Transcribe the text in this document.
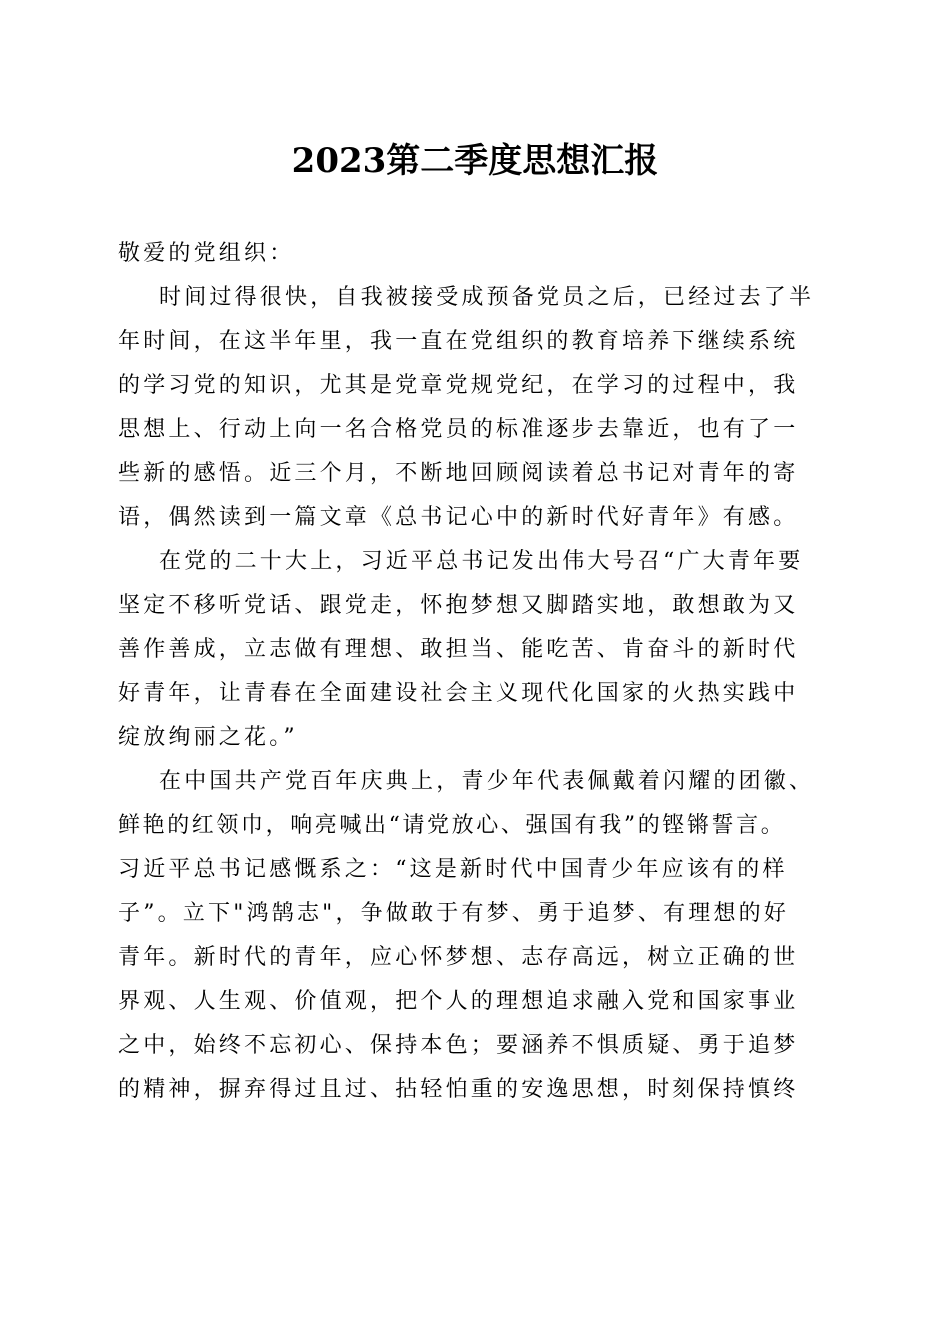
2023第二季度思想汇报
敬爱的党组织：
时间过得很快，自我被接受成预备党员之后，已经过去了半
年时间，在这半年里，我一直在党组织的教育培养下继续系统
的学习党的知识，尤其是党章党规党纪，在学习的过程中，我
思想上、行动上向一名合格党员的标准逐步去靠近，也有了一
些新的感悟。近三个月，不断地回顾阅读着总书记对青年的寄
语，偶然读到一篇文章《总书记心中的新时代好青年》有感。
在党的二十大上，习近平总书记发出伟大号召“广大青年要
坚定不移听党话、跟党走，怀抱梦想又脚踏实地，敢想敢为又
善作善成，立志做有理想、敢担当、能吃苦、肯奋斗的新时代
好青年，让青春在全面建设社会主义现代化国家的火热实践中
绽放绚丽之花。”
在中国共产党百年庆典上，青少年代表佩戴着闪耀的团徽、
鲜艳的红领巾，响亮喊出“请党放心、强国有我”的铿锵誓言。
习近平总书记感慨系之：“这是新时代中国青少年应该有的样
子”。立下"鸿鹄志"，争做敢于有梦、勇于追梦、有理想的好
青年。新时代的青年，应心怀梦想、志存高远，树立正确的世
界观、人生观、价值观，把个人的理想追求融入党和国家事业
之中，始终不忘初心、保持本色；要涵养不惧质疑、勇于追梦
的精神，摒弃得过且过、拈轻怕重的安逸思想，时刻保持慎终
